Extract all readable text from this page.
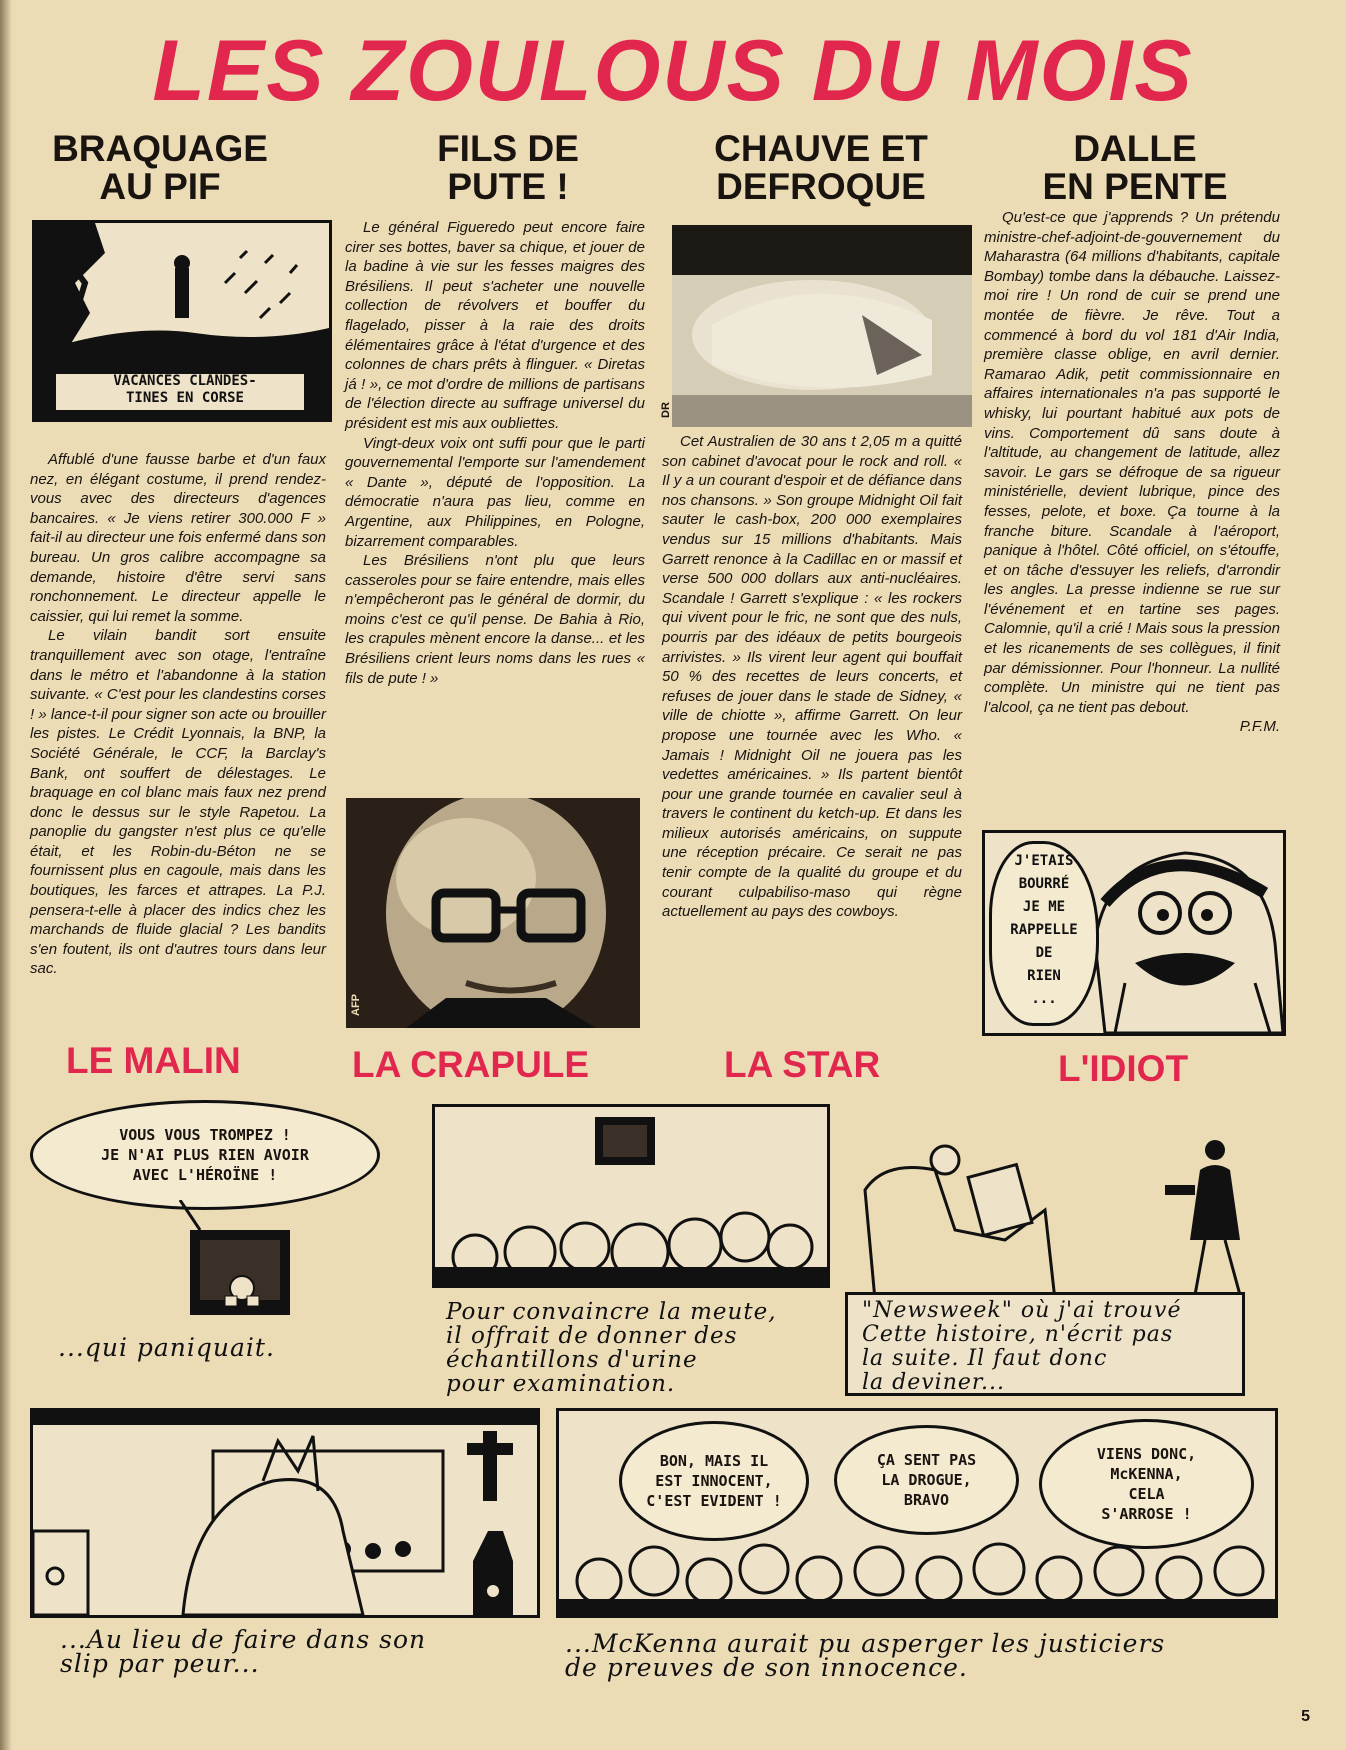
LES ZOULOUS DU MOIS
BRAQUAGE
AU PIF
VACANCES CLANDES-
TINES EN CORSE

Affublé d'une fausse barbe et d'un faux nez, en élégant costume, il prend rendez-vous avec des directeurs d'agences bancaires. « Je viens retirer 300.000 F » fait-il au directeur une fois enfermé dans son bureau. Un gros calibre accompagne sa demande, histoire d'être servi sans ronchonnement. Le directeur appelle le caissier, qui lui remet la somme.

Le vilain bandit sort ensuite tranquillement avec son otage, l'entraîne dans le métro et l'abandonne à la station suivante. « C'est pour les clandestins corses ! » lance-t-il pour signer son acte ou brouiller les pistes. Le Crédit Lyonnais, la BNP, la Société Générale, le CCF, la Barclay's Bank, ont souffert de délestages. Le braquage en col blanc mais faux nez prend donc le dessus sur le style Rapetou. La panoplie du gangster n'est plus ce qu'elle était, et les Robin-du-Béton ne se fournissent plus en cagoule, mais dans les boutiques, les farces et attrapes. La P.J. pensera-t-elle à placer des indics chez les marchands de fluide glacial ? Les bandits s'en foutent, ils ont d'autres tours dans leur sac.

FILS DE
PUTE !

Le général Figueredo peut encore faire cirer ses bottes, baver sa chique, et jouer de la badine à vie sur les fesses maigres des Brésiliens. Il peut s'acheter une nouvelle collection de révolvers et bouffer du flagelado, pisser à la raie des droits élémentaires grâce à l'état d'urgence et des colonnes de chars prêts à flinguer. « Diretas já ! », ce mot d'ordre de millions de partisans de l'élection directe au suffrage universel du président est mis aux oubliettes.

Vingt-deux voix ont suffi pour que le parti gouvernemental l'emporte sur l'amendement « Dante », député de l'opposition. La démocratie n'aura pas lieu, comme en Argentine, aux Philippines, en Pologne, bizarrement comparables.

Les Brésiliens n'ont plu que leurs casseroles pour se faire entendre, mais elles n'empêcheront pas le général de dormir, du moins c'est ce qu'il pense. De Bahia à Rio, les crapules mènent encore la danse... et les Brésiliens crient leurs noms dans les rues « fils de pute ! »

AFP
CHAUVE ET
DEFROQUE
DR

Cet Australien de 30 ans t 2,05 m a quitté son cabinet d'avocat pour le rock and roll. « Il y a un courant d'espoir et de défiance dans nos chansons. » Son groupe Midnight Oil fait sauter le cash-box, 200 000 exemplaires vendus sur 15 millions d'habitants. Mais Garrett renonce à la Cadillac en or massif et verse 500 000 dollars aux anti-nucléaires. Scandale ! Garrett s'explique : « les rockers qui vivent pour le fric, ne sont que des nuls, pourris par des idéaux de petits bourgeois arrivistes. » Ils virent leur agent qui bouffait 50 % des recettes de leurs concerts, et refuses de jouer dans le stade de Sidney, « ville de chiotte », affirme Garrett. On leur propose une tournée avec les Who. « Jamais ! Midnight Oil ne jouera pas les vedettes américaines. » Ils partent bientôt pour une grande tournée en cavalier seul à travers le continent du ketch-up. Et dans les milieux autorisés américains, on suppute une réception précaire. Ce serait ne pas tenir compte de la qualité du groupe et du courant culpabiliso-maso qui règne actuellement au pays des cowboys.

DALLE
EN PENTE

Qu'est-ce que j'apprends ? Un prétendu ministre-chef-adjoint-de-gouvernement du Maharastra (64 millions d'habitants, capitale Bombay) tombe dans la débauche. Laissez-moi rire ! Un rond de cuir se prend une montée de fièvre. Je rêve. Tout a commencé à bord du vol 181 d'Air India, première classe oblige, en avril dernier. Ramarao Adik, petit commissionnaire en affaires internationales n'a pas supporté le whisky, lui pourtant habitué aux pots de vins. Comportement dû sans doute à l'altitude, au changement de latitude, allez savoir. Le gars se défroque de sa rigueur ministérielle, devient lubrique, pince des fesses, pelote, et boxe. Ça tourne à la franche biture. Scandale à l'aéroport, panique à l'hôtel. Côté officiel, on s'étouffe, et on tâche d'essuyer les reliefs, d'arrondir les angles. La presse indienne se rue sur l'événement et en tartine ses pages. Calomnie, qu'il a crié ! Mais sous la pression et les ricanements de ses collègues, il finit par démissionner. Pour l'honneur. La nullité complète. Un ministre qui ne tient pas l'alcool, ça ne tient pas debout.

P.F.M.

J'ETAIS
BOURRÉ
JE ME
RAPPELLE
DE
RIEN
...
LE MALIN	LA CRAPULE	LA STAR	L'IDIOT
VOUS VOUS TROMPEZ !
JE N'AI PLUS RIEN AVOIR
AVEC L'HÉROÏNE !
...qui paniquait.
Pour convaincre la meute,
il offrait de donner des
échantillons d'urine
pour examination.
"Newsweek" où j'ai trouvé
Cette histoire, n'écrit pas
la suite. Il faut donc
la deviner...
...Au lieu de faire dans son
slip par peur...
BON, MAIS IL
EST INNOCENT,
C'EST EVIDENT !
ÇA SENT PAS
LA DROGUE,
BRAVO
VIENS DONC,
McKENNA,
CELA
S'ARROSE !
...McKenna aurait pu asperger les justiciers
de preuves de son innocence.
5
